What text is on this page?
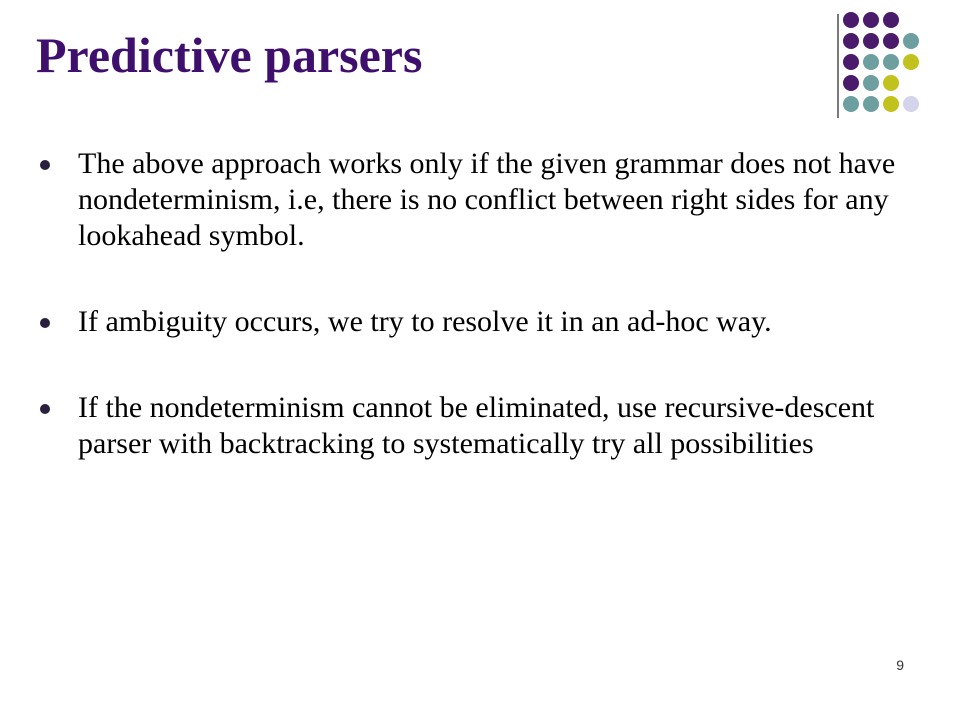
Predictive parsers
The above approach works only if the given grammar does not have nondeterminism, i.e, there is no conflict between right sides for any lookahead symbol.
If ambiguity occurs, we try to resolve it in an ad-hoc way.
If the nondeterminism cannot be eliminated, use recursive-descent parser with backtracking to systematically try all possibilities
9
